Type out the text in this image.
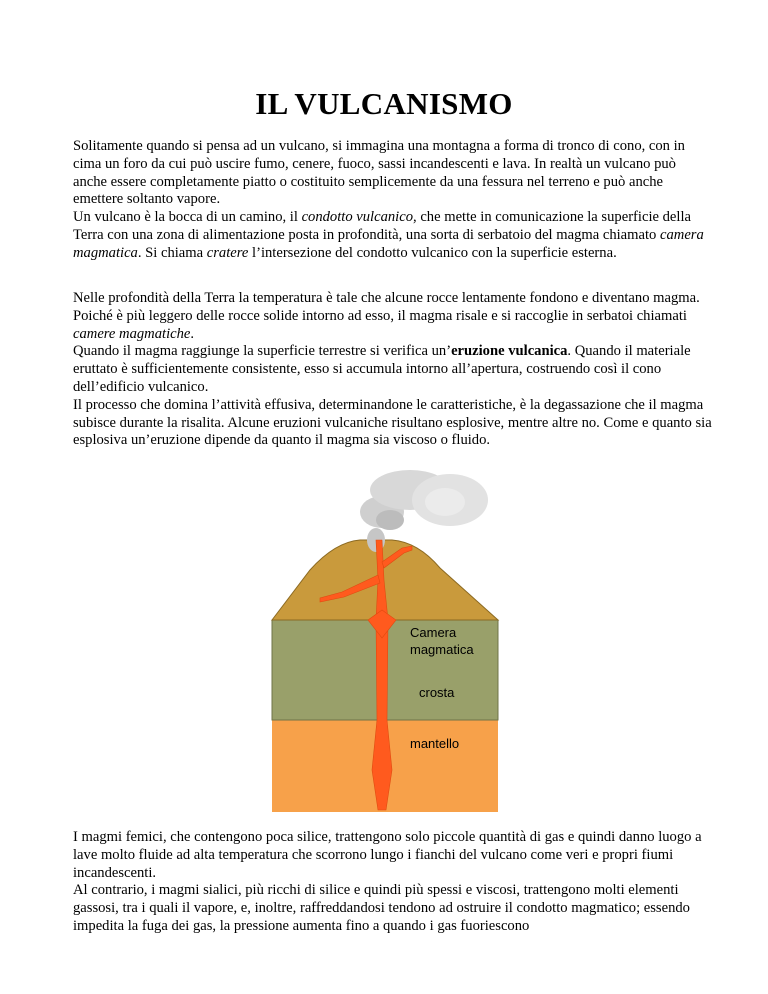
IL VULCANISMO

Solitamente quando si pensa ad un vulcano, si immagina una montagna a forma di tronco di cono, con in cima un foro da cui può uscire fumo, cenere, fuoco, sassi incandescenti e lava. In realtà un vulcano può anche essere completamente piatto o costituito semplicemente da una fessura nel terreno e può anche emettere soltanto vapore.

Un vulcano è la bocca di un camino, il condotto vulcanico, che mette in comunicazione la superficie della Terra con una zona di alimentazione posta in profondità, una sorta di serbatoio del magma chiamato camera magmatica. Si chiama cratere l’intersezione del condotto vulcanico con la superficie esterna.

Nelle profondità della Terra la temperatura è tale che alcune rocce lentamente fondono e diventano magma. Poiché è più leggero delle rocce solide intorno ad esso, il magma risale e si raccoglie in serbatoi chiamati camere magmatiche.

Quando il magma raggiunge la superficie terrestre si verifica un’eruzione vulcanica. Quando il materiale eruttato è sufficientemente consistente, esso si accumula intorno all’apertura, costruendo così il cono dell’edificio vulcanico.

Il processo che domina l’attività effusiva, determinandone le caratteristiche, è la degassazione che il magma subisce durante la risalita. Alcune eruzioni vulcaniche risultano esplosive, mentre altre no. Come e quanto sia esplosiva un’eruzione dipende da quanto il magma sia viscoso o fluido.

Camera
magmatica
crosta
mantello

I magmi femici, che contengono poca silice, trattengono solo piccole quantità di gas e quindi danno luogo a lave molto fluide ad alta temperatura che scorrono lungo i fianchi del vulcano come veri e propri fiumi incandescenti.

Al contrario, i magmi sialici, più ricchi di silice e quindi più spessi e viscosi, trattengono molti elementi gassosi, tra i quali il vapore, e, inoltre, raffreddandosi tendono ad ostruire il condotto magmatico; essendo impedita la fuga dei gas, la pressione aumenta fino a quando i gas fuoriescono
